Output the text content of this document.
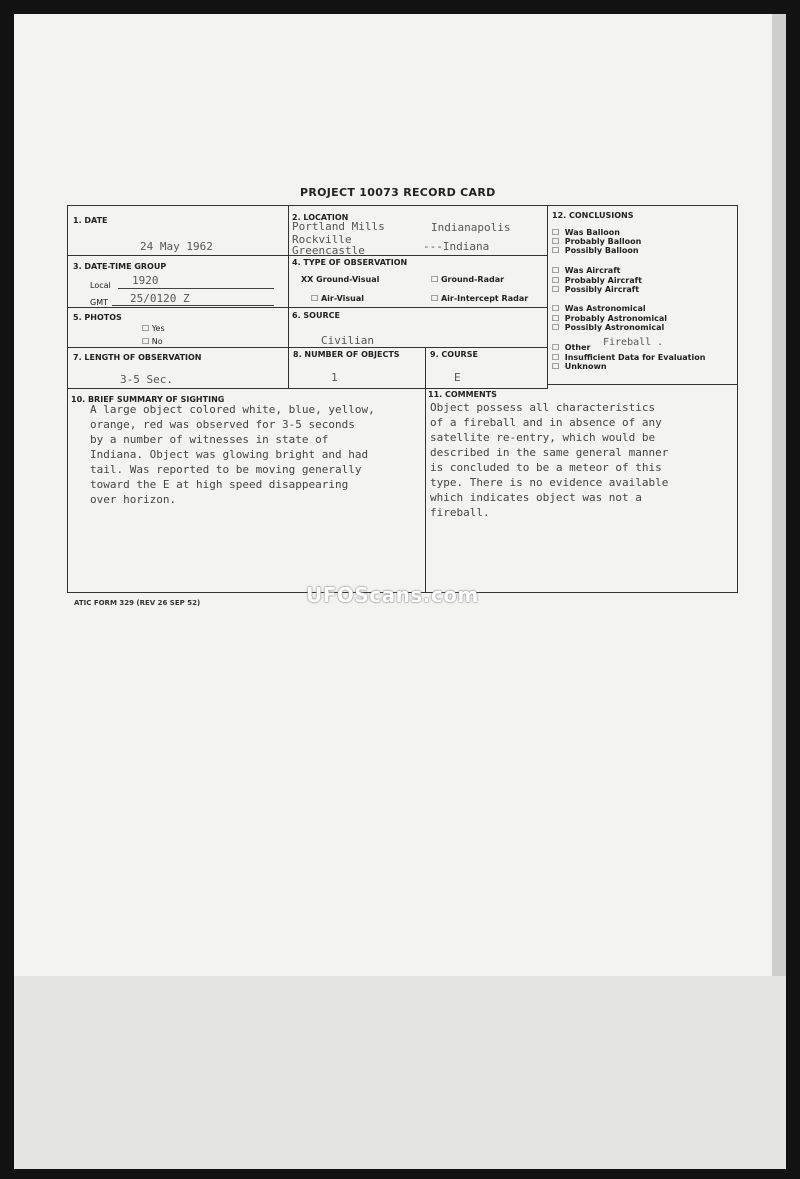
PROJECT 10073 RECORD CARD
1. DATE
24 May 1962
2. LOCATION
Portland Mills
Rockville
Greencastle
Indianapolis
---Indiana
12. CONCLUSIONS
☐  Was Balloon
☐  Probably Balloon
☐  Possibly Balloon
☐  Was Aircraft
☐  Probably Aircraft
☐  Possibly Aircraft
☐  Was Astronomical
☐  Probably Astronomical
☐  Possibly Astronomical
☐  Other Fireball .
☐  Insufficient Data for Evaluation
☐  Unknown
3. DATE-TIME GROUP
Local 1920
GMT 25/0120 Z
4. TYPE OF OBSERVATION
XX Ground-Visual	☐ Ground-Radar
☐ Air-Visual	☐ Air-Intercept Radar
5. PHOTOS
☐ Yes
☐ No
6. SOURCE
Civilian
7. LENGTH OF OBSERVATION
3-5 Sec.
8. NUMBER OF OBJECTS
1
9. COURSE
E
10. BRIEF SUMMARY OF SIGHTING
A large object colored white, blue, yellow,
orange, red was observed for 3-5 seconds
by a number of witnesses in state of
Indiana. Object was glowing bright and had
tail. Was reported to be moving generally
toward the E at high speed disappearing
over horizon.
11. COMMENTS
Object possess all characteristics
of a fireball and in absence of any
satellite re-entry, which would be
described in the same general manner
is concluded to be a meteor of this
type. There is no evidence available
which indicates object was not a
fireball.
ATIC FORM 329 (REV 26 SEP 52)	UFOScans.com
